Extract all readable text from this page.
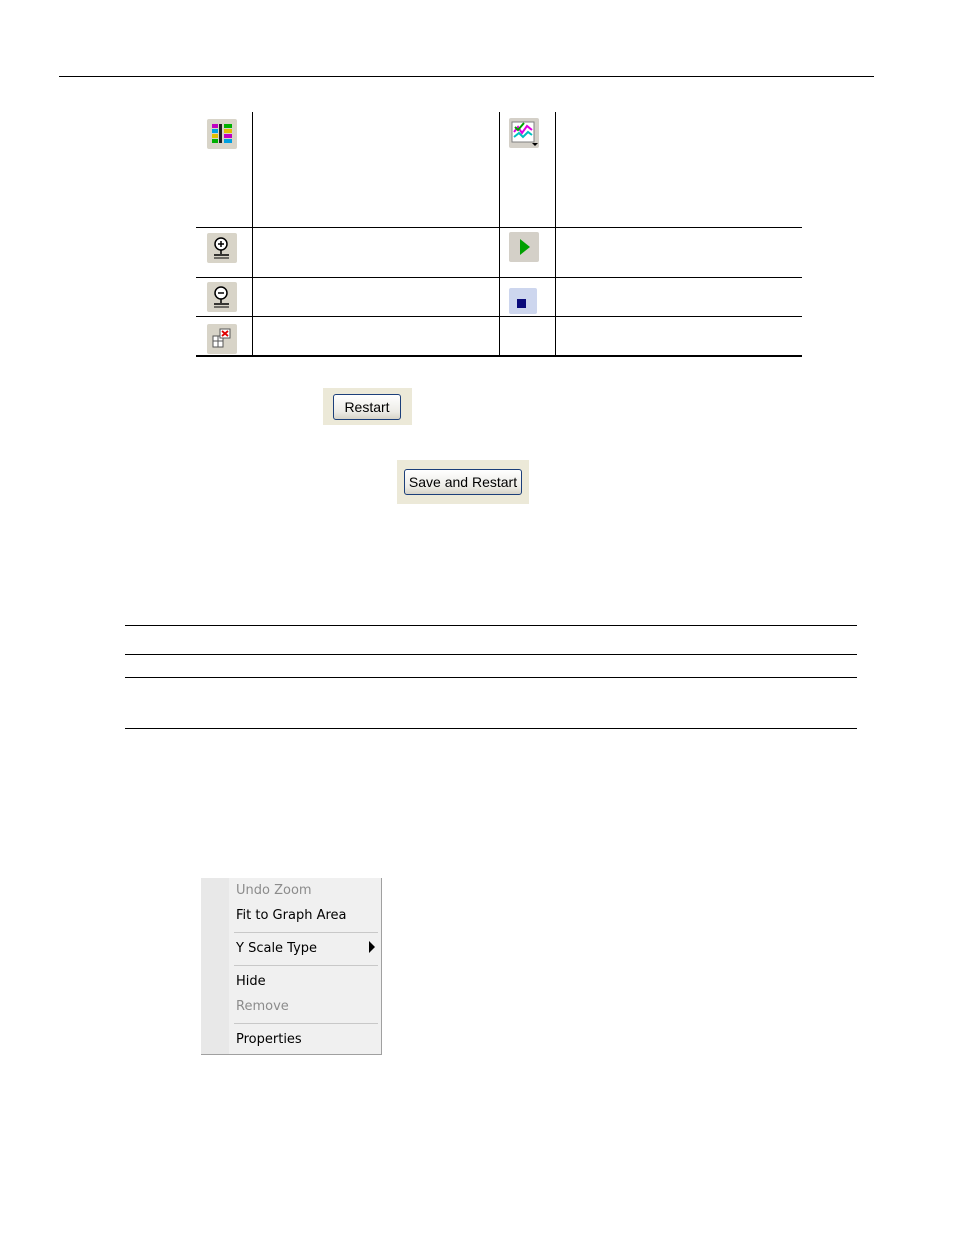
Restart
Save and Restart
Undo Zoom
Fit to Graph Area
Y Scale Type
Hide
Remove
Properties
